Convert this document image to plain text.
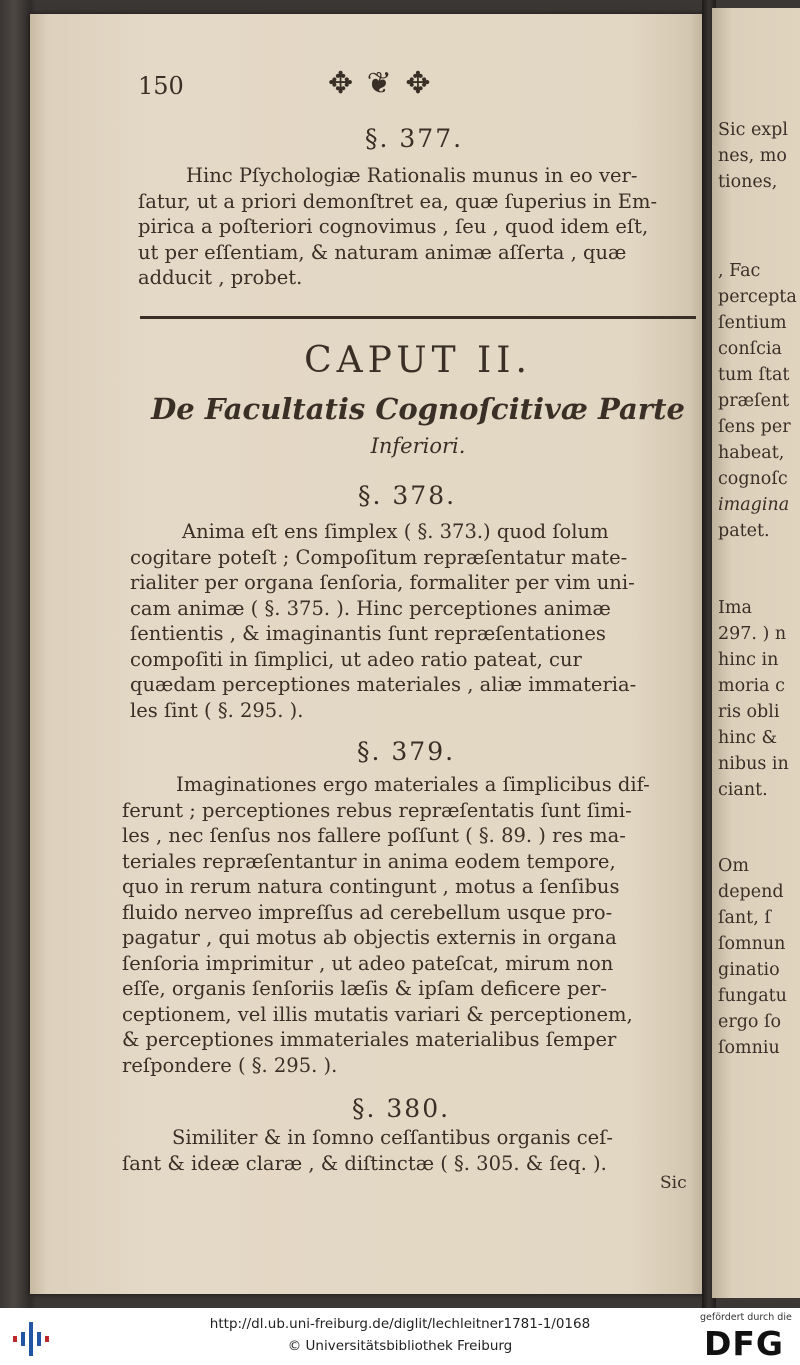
150	✥ ❦ ✥
§. 377.
Hinc Pſychologiæ Rationalis munus in eo ver-
ſatur, ut a priori demonſtret ea, quæ ſuperius in Em-
pirica a poſteriori cognovimus , ſeu , quod idem eſt,
ut per eſſentiam, & naturam animæ aſſerta , quæ
adducit , probet.
CAPUT II.
De Facultatis Cognoſcitivæ Parte
Inferiori.
§. 378.
Anima eſt ens ſimplex ( §. 373.) quod ſolum
cogitare poteſt ; Compoſitum repræſentatur mate-
rialiter per organa ſenſoria, formaliter per vim uni-
cam animæ ( §. 375. ). Hinc perceptiones animæ
ſentientis , & imaginantis ſunt repræſentationes
compoſiti in ſimplici, ut adeo ratio pateat, cur
quædam perceptiones materiales , aliæ immateria-
les ſint ( §. 295. ).
§. 379.
Imaginationes ergo materiales a ſimplicibus dif-
ferunt ; perceptiones rebus repræſentatis ſunt ſimi-
les , nec ſenſus nos fallere poſſunt ( §. 89. ) res ma-
teriales repræſentantur in anima eodem tempore,
quo in rerum natura contingunt , motus a ſenſibus
fluido nerveo impreſſus ad cerebellum usque pro-
pagatur , qui motus ab objectis externis in organa
ſenſoria imprimitur , ut adeo pateſcat, mirum non
eſſe, organis ſenſoriis læſis & ipſam deficere per-
ceptionem, vel illis mutatis variari & perceptionem,
& perceptiones immateriales materialibus ſemper
reſpondere ( §. 295. ).
§. 380.
Similiter & in ſomno ceſſantibus organis ceſ-
ſant & ideæ claræ , & diſtinctæ ( §. 305. & ſeq. ).
Sic
Sic expl
nes, mo
tiones,
, Fac
percepta
ſentium
conſcia
tum ſtat
præſent
ſens per
habeat,
cognoſc
imagina
patet.
Ima
297. ) n
hinc in
moria c
ris obli
hinc &
nibus in
ciant.
Om
depend
ſant, ſ
ſomnun
ginatio
fungatu
ergo ſo
ſomniu
http://dl.ub.uni-freiburg.de/diglit/lechleitner1781-1/0168
© Universitätsbibliothek Freiburg
gefördert durch die
DFG
